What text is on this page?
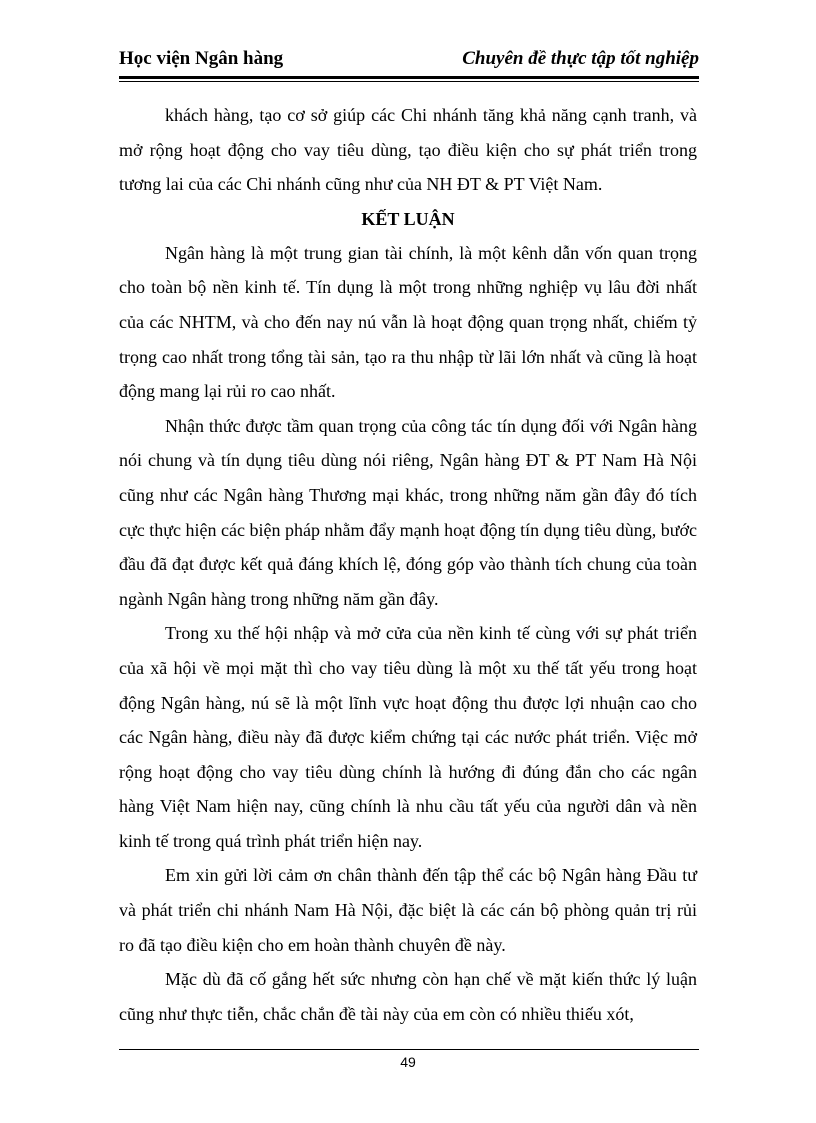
Học viện Ngân hàng	Chuyên đề thực tập tốt nghiệp

khách hàng, tạo cơ sở giúp các Chi nhánh tăng khả năng cạnh tranh, và mở rộng hoạt động cho vay tiêu dùng, tạo điều kiện cho sự phát triển trong tương lai của các Chi nhánh cũng như của NH ĐT & PT Việt Nam.

KẾT LUẬN

Ngân hàng là một trung gian tài chính, là một kênh dẫn vốn quan trọng cho toàn bộ nền kinh tế. Tín dụng là một trong những nghiệp vụ lâu đời nhất của các NHTM, và cho đến nay nú vẫn là hoạt động quan trọng nhất, chiếm tỷ trọng cao nhất trong tổng tài sản, tạo ra thu nhập từ lãi lớn nhất và cũng là hoạt động mang lại rủi ro cao nhất.

Nhận thức được tầm quan trọng của công tác tín dụng đối với Ngân hàng nói chung và tín dụng tiêu dùng nói riêng, Ngân hàng ĐT & PT Nam Hà Nội cũng như các Ngân hàng Thương mại khác, trong những năm gần đây đó tích cực thực hiện các biện pháp nhằm đẩy mạnh hoạt động tín dụng tiêu dùng, bước đầu đã đạt được kết quả đáng khích lệ, đóng góp vào thành tích chung của toàn ngành Ngân hàng trong những năm gần đây.

Trong xu thế hội nhập và mở cửa của nền kinh tế cùng với sự phát triển của xã hội về mọi mặt thì cho vay tiêu dùng là một xu thế tất yếu trong hoạt động Ngân hàng, nú sẽ là một lĩnh vực hoạt động thu được lợi nhuận cao cho các Ngân hàng, điều này đã được kiểm chứng tại các nước phát triển. Việc mở rộng hoạt động cho vay tiêu dùng chính là hướng đi đúng đắn cho các ngân hàng Việt Nam hiện nay, cũng chính là nhu cầu tất yếu của người dân và nền kinh tế trong quá trình phát triển hiện nay.

Em xin gửi lời cảm ơn chân thành đến tập thể các bộ Ngân hàng Đầu tư và phát triển chi nhánh Nam Hà Nội, đặc biệt là các cán bộ phòng quản trị rủi ro đã tạo điều kiện cho em hoàn thành chuyên đề này.

Mặc dù đã cố gắng hết sức nhưng còn hạn chế về mặt kiến thức lý luận cũng như thực tiễn, chắc chắn đề tài này của em còn có nhiều thiếu xót,

49
